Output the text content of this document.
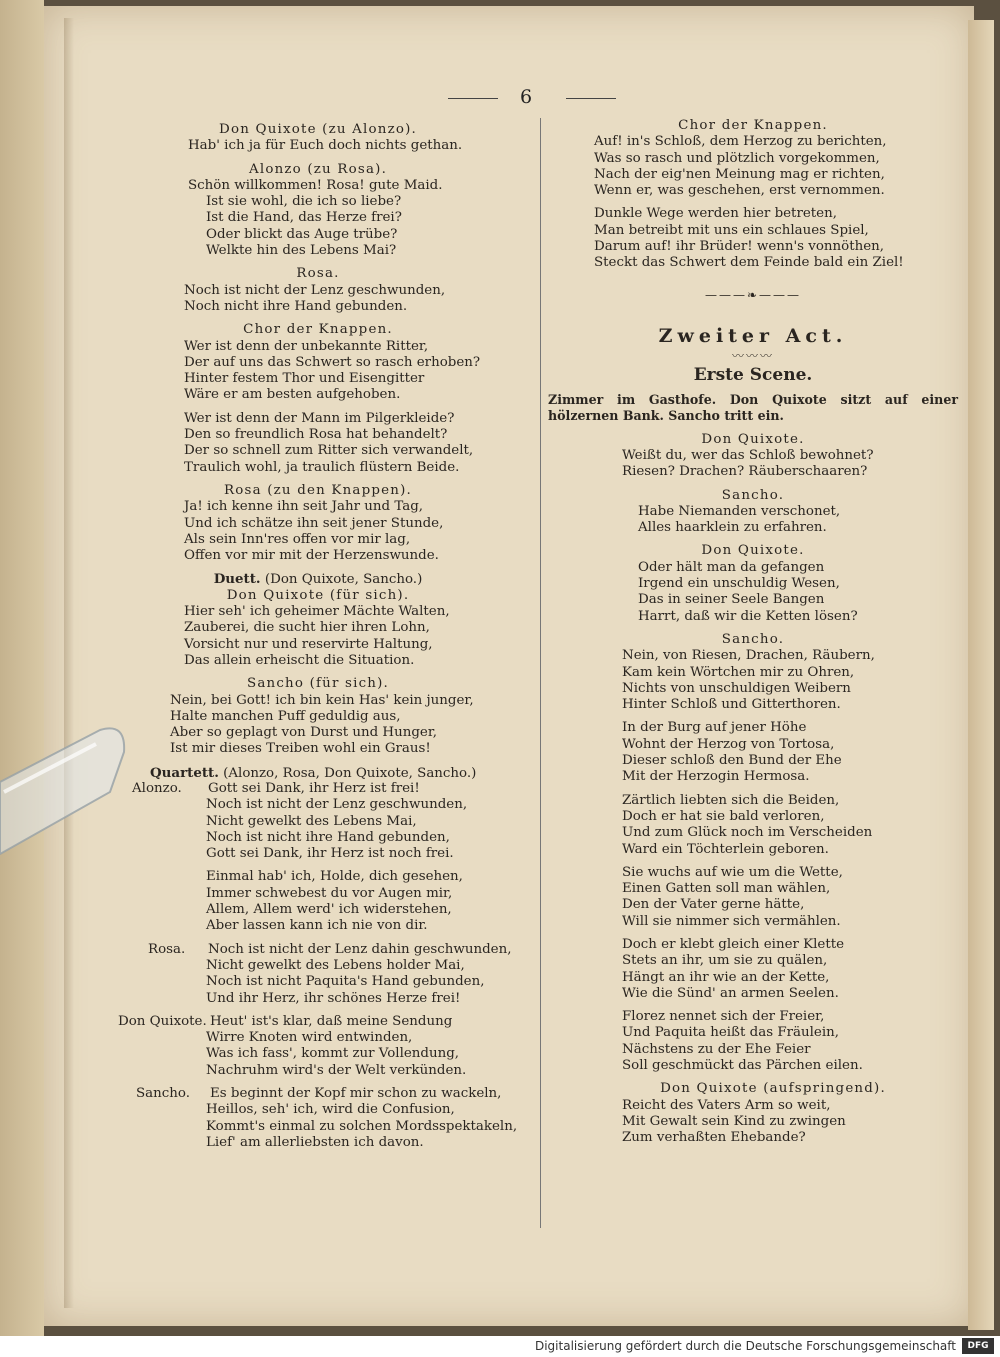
6
Don Quixote (zu Alonzo).
Hab' ich ja für Euch doch nichts gethan.
Alonzo (zu Rosa).
Schön willkommen! Rosa! gute Maid.
Ist sie wohl, die ich so liebe?
Ist die Hand, das Herze frei?
Oder blickt das Auge trübe?
Welkte hin des Lebens Mai?
Rosa.
Noch ist nicht der Lenz geschwunden,
Noch nicht ihre Hand gebunden.
Chor der Knappen.
Wer ist denn der unbekannte Ritter,
Der auf uns das Schwert so rasch erhoben?
Hinter festem Thor und Eisengitter
Wäre er am besten aufgehoben.
Wer ist denn der Mann im Pilgerkleide?
Den so freundlich Rosa hat behandelt?
Der so schnell zum Ritter sich verwandelt,
Traulich wohl, ja traulich flüstern Beide.
Rosa (zu den Knappen).
Ja! ich kenne ihn seit Jahr und Tag,
Und ich schätze ihn seit jener Stunde,
Als sein Inn'res offen vor mir lag,
Offen vor mir mit der Herzenswunde.
Duett. (Don Quixote, Sancho.)
Don Quixote (für sich).
Hier seh' ich geheimer Mächte Walten,
Zauberei, die sucht hier ihren Lohn,
Vorsicht nur und reservirte Haltung,
Das allein erheischt die Situation.
Sancho (für sich).
Nein, bei Gott! ich bin kein Has' kein junger,
Halte manchen Puff geduldig aus,
Aber so geplagt von Durst und Hunger,
Ist mir dieses Treiben wohl ein Graus!
Quartett. (Alonzo, Rosa, Don Quixote, Sancho.)
Alonzo. Gott sei Dank, ihr Herz ist frei!
Noch ist nicht der Lenz geschwunden,
Nicht gewelkt des Lebens Mai,
Noch ist nicht ihre Hand gebunden,
Gott sei Dank, ihr Herz ist noch frei.
Einmal hab' ich, Holde, dich gesehen,
Immer schwebest du vor Augen mir,
Allem, Allem werd' ich widerstehen,
Aber lassen kann ich nie von dir.
Rosa. Noch ist nicht der Lenz dahin geschwunden,
Nicht gewelkt des Lebens holder Mai,
Noch ist nicht Paquita's Hand gebunden,
Und ihr Herz, ihr schönes Herze frei!
Don Quixote. Heut' ist's klar, daß meine Sendung
Wirre Knoten wird entwinden,
Was ich fass', kommt zur Vollendung,
Nachruhm wird's der Welt verkünden.
Sancho. Es beginnt der Kopf mir schon zu wackeln,
Heillos, seh' ich, wird die Confusion,
Kommt's einmal zu solchen Mordsspektakeln,
Lief' am allerliebsten ich davon.
Chor der Knappen.
Auf! in's Schloß, dem Herzog zu berichten,
Was so rasch und plötzlich vorgekommen,
Nach der eig'nen Meinung mag er richten,
Wenn er, was geschehen, erst vernommen.
Dunkle Wege werden hier betreten,
Man betreibt mit uns ein schlaues Spiel,
Darum auf! ihr Brüder! wenn's vonnöthen,
Steckt das Schwert dem Feinde bald ein Ziel!
———❧———
Zweiter Act.
〰〰〰
Erste Scene.
Zimmer im Gasthofe. Don Quixote sitzt auf einer hölzernen Bank. Sancho tritt ein.
Don Quixote.
Weißt du, wer das Schloß bewohnet?
Riesen? Drachen? Räuberschaaren?
Sancho.
Habe Niemanden verschonet,
Alles haarklein zu erfahren.
Don Quixote.
Oder hält man da gefangen
Irgend ein unschuldig Wesen,
Das in seiner Seele Bangen
Harrt, daß wir die Ketten lösen?
Sancho.
Nein, von Riesen, Drachen, Räubern,
Kam kein Wörtchen mir zu Ohren,
Nichts von unschuldigen Weibern
Hinter Schloß und Gitterthoren.
In der Burg auf jener Höhe
Wohnt der Herzog von Tortosa,
Dieser schloß den Bund der Ehe
Mit der Herzogin Hermosa.
Zärtlich liebten sich die Beiden,
Doch er hat sie bald verloren,
Und zum Glück noch im Verscheiden
Ward ein Töchterlein geboren.
Sie wuchs auf wie um die Wette,
Einen Gatten soll man wählen,
Den der Vater gerne hätte,
Will sie nimmer sich vermählen.
Doch er klebt gleich einer Klette
Stets an ihr, um sie zu quälen,
Hängt an ihr wie an der Kette,
Wie die Sünd' an armen Seelen.
Florez nennet sich der Freier,
Und Paquita heißt das Fräulein,
Nächstens zu der Ehe Feier
Soll geschmückt das Pärchen eilen.
Don Quixote (aufspringend).
Reicht des Vaters Arm so weit,
Mit Gewalt sein Kind zu zwingen
Zum verhaßten Ehebande?
Digitalisierung gefördert durch die Deutsche Forschungsgemeinschaft	DFG
